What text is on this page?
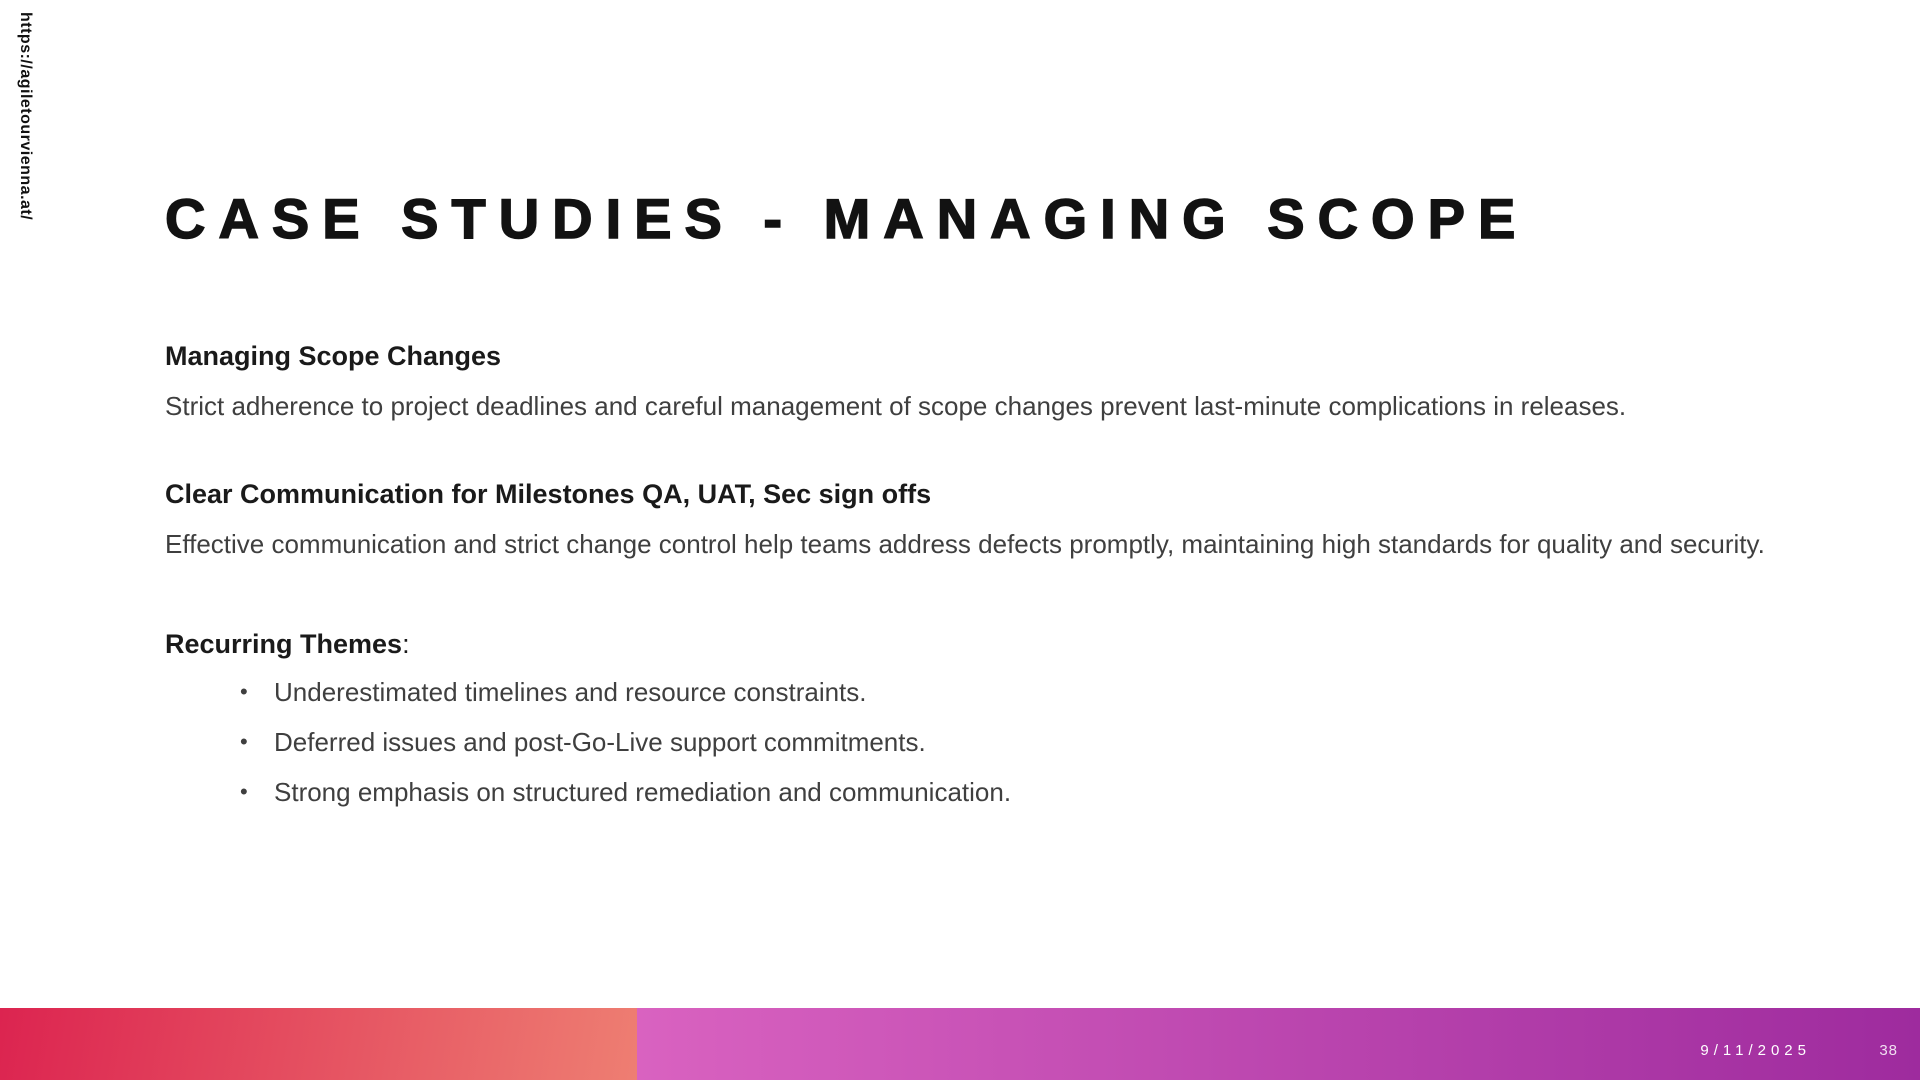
https://agiletourvienna.at/ CASE STUDIES - MANAGING SCOPE
Managing Scope Changes
Strict adherence to project deadlines and careful management of scope changes prevent last-minute complications in releases.
Clear Communication for Milestones QA, UAT, Sec sign offs
Effective communication and strict change control help teams address defects promptly, maintaining high standards for quality and security.
Recurring Themes:
•	Underestimated timelines and resource constraints.
•	Deferred issues and post-Go-Live support commitments.
•	Strong emphasis on structured remediation and communication.
9/11/2025	38
